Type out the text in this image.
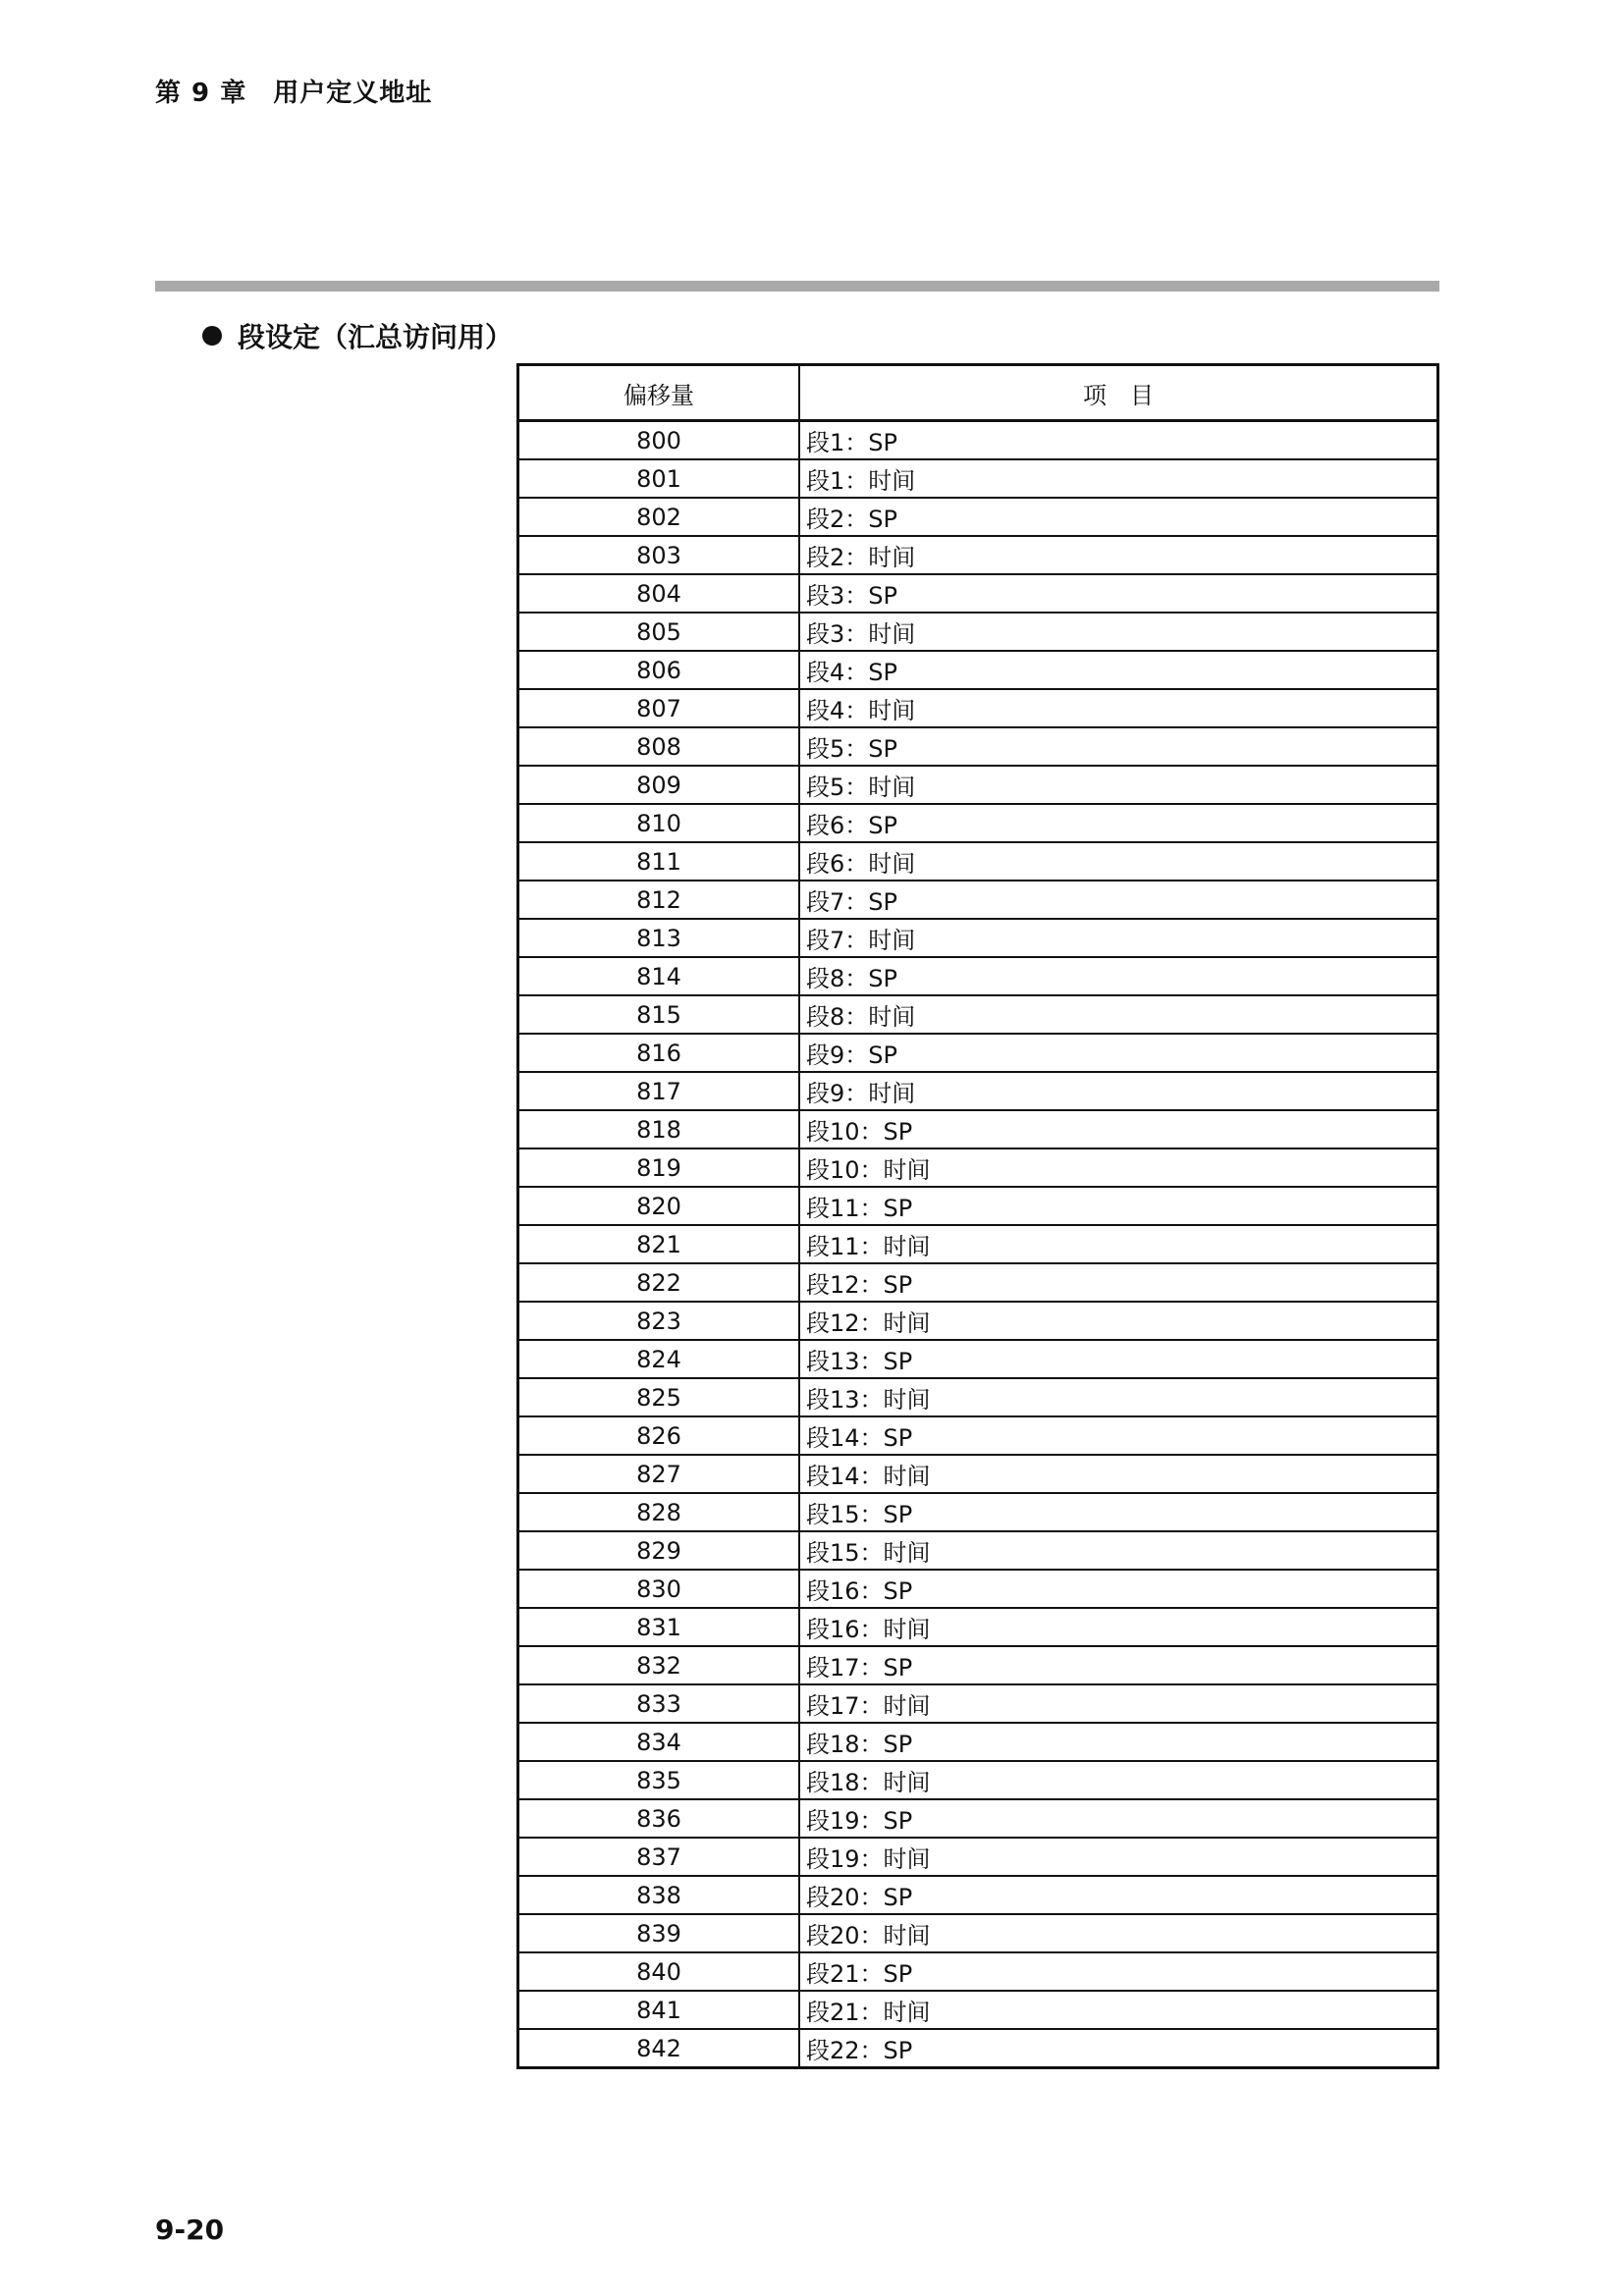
第 9 章　用户定义地址
段设定（汇总访问用）
偏移量	项　目
800	段1：SP
801	段1：时间
802	段2：SP
803	段2：时间
804	段3：SP
805	段3：时间
806	段4：SP
807	段4：时间
808	段5：SP
809	段5：时间
810	段6：SP
811	段6：时间
812	段7：SP
813	段7：时间
814	段8：SP
815	段8：时间
816	段9：SP
817	段9：时间
818	段10：SP
819	段10：时间
820	段11：SP
821	段11：时间
822	段12：SP
823	段12：时间
824	段13：SP
825	段13：时间
826	段14：SP
827	段14：时间
828	段15：SP
829	段15：时间
830	段16：SP
831	段16：时间
832	段17：SP
833	段17：时间
834	段18：SP
835	段18：时间
836	段19：SP
837	段19：时间
838	段20：SP
839	段20：时间
840	段21：SP
841	段21：时间
842	段22：SP
9-20
